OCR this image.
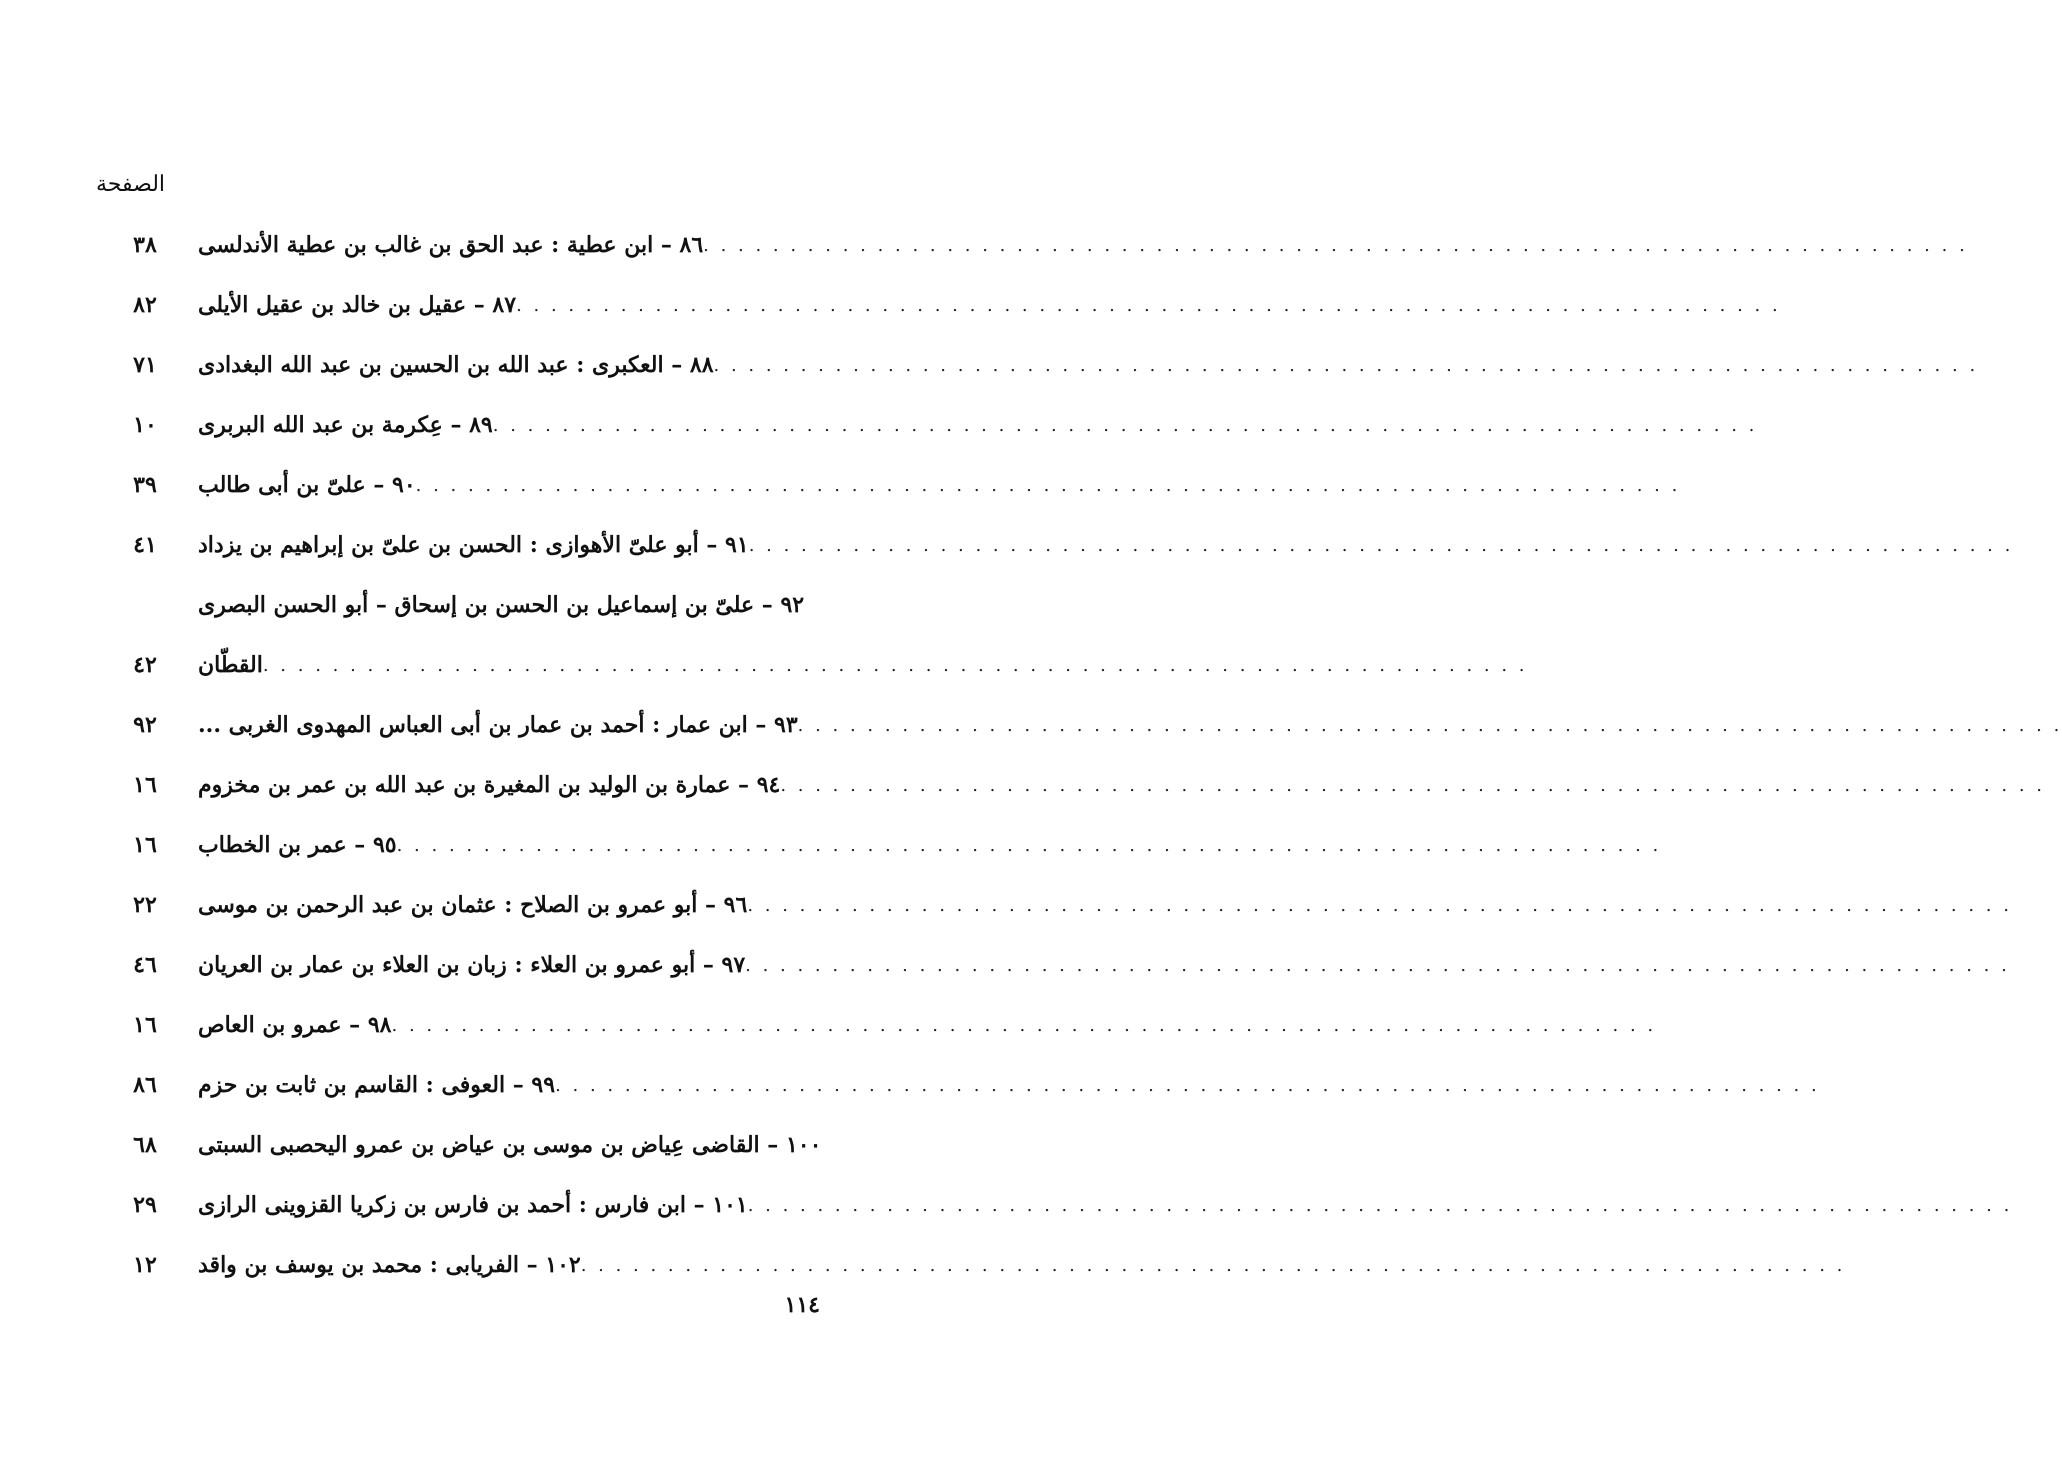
الصفحة
٣٨	٨٦ – ابن عطية : عبد الحق بن غالب بن عطية الأندلسى
. . .
٨٢	٨٧ – عقيل بن خالد بن عقيل الأيلى
. . .
٧١	٨٨ – العكبرى : عبد الله بن الحسين بن عبد الله البغدادى
. . .
١٠	٨٩ – عِكرمة بن عبد الله البربرى
. . .
٣٩	٩٠ – علىّ بن أبى طالب
. . .
٤١	٩١ – أبو علىّ الأهوازى : الحسن بن علىّ بن إبراهيم بن يزداد
. . .
٩٢ – علىّ بن إسماعيل بن الحسن بن إسحاق – أبو الحسن البصرى
٤٢	القطّان
. . .
٩٢	٩٣ – ابن عمار : أحمد بن عمار بن أبى العباس المهدوى الغربى ...
. . .
١٦	٩٤ – عمارة بن الوليد بن المغيرة بن عبد الله بن عمر بن مخزوم
. . .
١٦	٩٥ – عمر بن الخطاب
. . .
٢٢	٩٦ – أبو عمرو بن الصلاح : عثمان بن عبد الرحمن بن موسى
. . .
٤٦	٩٧ – أبو عمرو بن العلاء : زبان بن العلاء بن عمار بن العريان
. . .
١٦	٩٨ – عمرو بن العاص
. . .
٨٦	٩٩ – العوفى : القاسم بن ثابت بن حزم
. . .
٦٨	١٠٠ – القاضى عِياض بن موسى بن عياض بن عمرو اليحصبى السبتى
٢٩	١٠١ – ابن فارس : أحمد بن فارس بن زكريا القزوينى الرازى
. . .
١٢	١٠٢ – الفريابى : محمد بن يوسف بن واقد
. . .
١١٤
